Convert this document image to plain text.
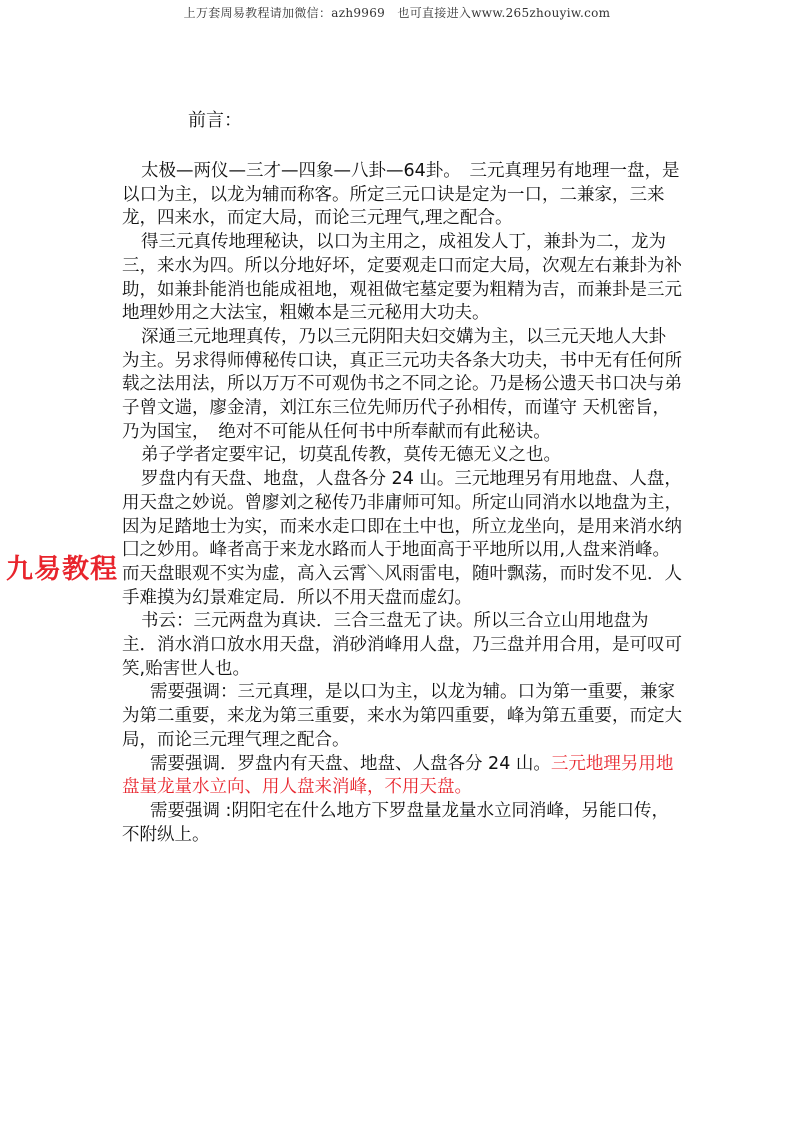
上万套周易教程请加微信：azh9969　也可直接进入www.265zhouyiw.com
前言：

太极—两仪—三才—四象—八卦—64卦。　三元真理另有地理一盘，是以口为主，以龙为辅而称客。所定三元口诀是定为一口，二兼家，三来龙，四来水，而定大局，而论三元理气,理之配合。

得三元真传地理秘诀，以口为主用之，成祖发人丁，兼卦为二，龙为三，来水为四。所以分地好坏，定要观走口而定大局，次观左右兼卦为补助，如兼卦能消也能成祖地，观祖做宅墓定要为粗精为吉，而兼卦是三元地理妙用之大法宝，粗嫩本是三元秘用大功夫。

深通三元地理真传，乃以三元阴阳夫妇交媾为主，以三元天地人大卦 为主。另求得师傅秘传口诀，真正三元功夫各条大功夫，书中无有任何所载之法用法，所以万万不可观伪书之不同之论。乃是杨公遗天书口决与弟子曾文遄，廖金清，刘江东三位先师历代子孙相传，而谨守 天机密旨，乃为国宝，　绝对不可能从任何书中所奉献而有此秘诀。

弟子学者定要牢记，切莫乱传教，莫传无德无义之也。

罗盘内有天盘、地盘，人盘各分 24 山。三元地理另有用地盘、人盘，用天盘之妙说。曾廖刘之秘传乃非庸师可知。所定山同消水以地盘为主，因为足踏地士为实，而来水走口即在土中也，所立龙坐向，是用来消水纳囗之妙用。峰者高于来龙水路而人于地面高于平地所以用,人盘来消峰。而天盘眼观不实为虚，高入云霄＼风雨雷电，随叶飘荡，而时发不见．人手难摸为幻景难定局．所以不用天盘而虚幻。

书云：三元两盘为真诀．三合三盘无了诀。所以三合立山用地盘为 主．消水消口放水用天盘，消砂消峰用人盘，乃三盘并用合用，是可叹可笑,贻害世人也。

需要强调：三元真理，是以口为主，以龙为辅。口为第一重要，兼家 为第二重要，来龙为第三重要，来水为第四重要，峰为第五重要，而定大局，而论三元理气理之配合。

需要强调．罗盘内有天盘、地盘、人盘各分 24 山。三元地理另用地盘量龙量水立向、用人盘来消峰，不用天盘。

需要强调 :阴阳宅在什么地方下罗盘量龙量水立同消峰，另能口传，不附纵上。

九易教程
